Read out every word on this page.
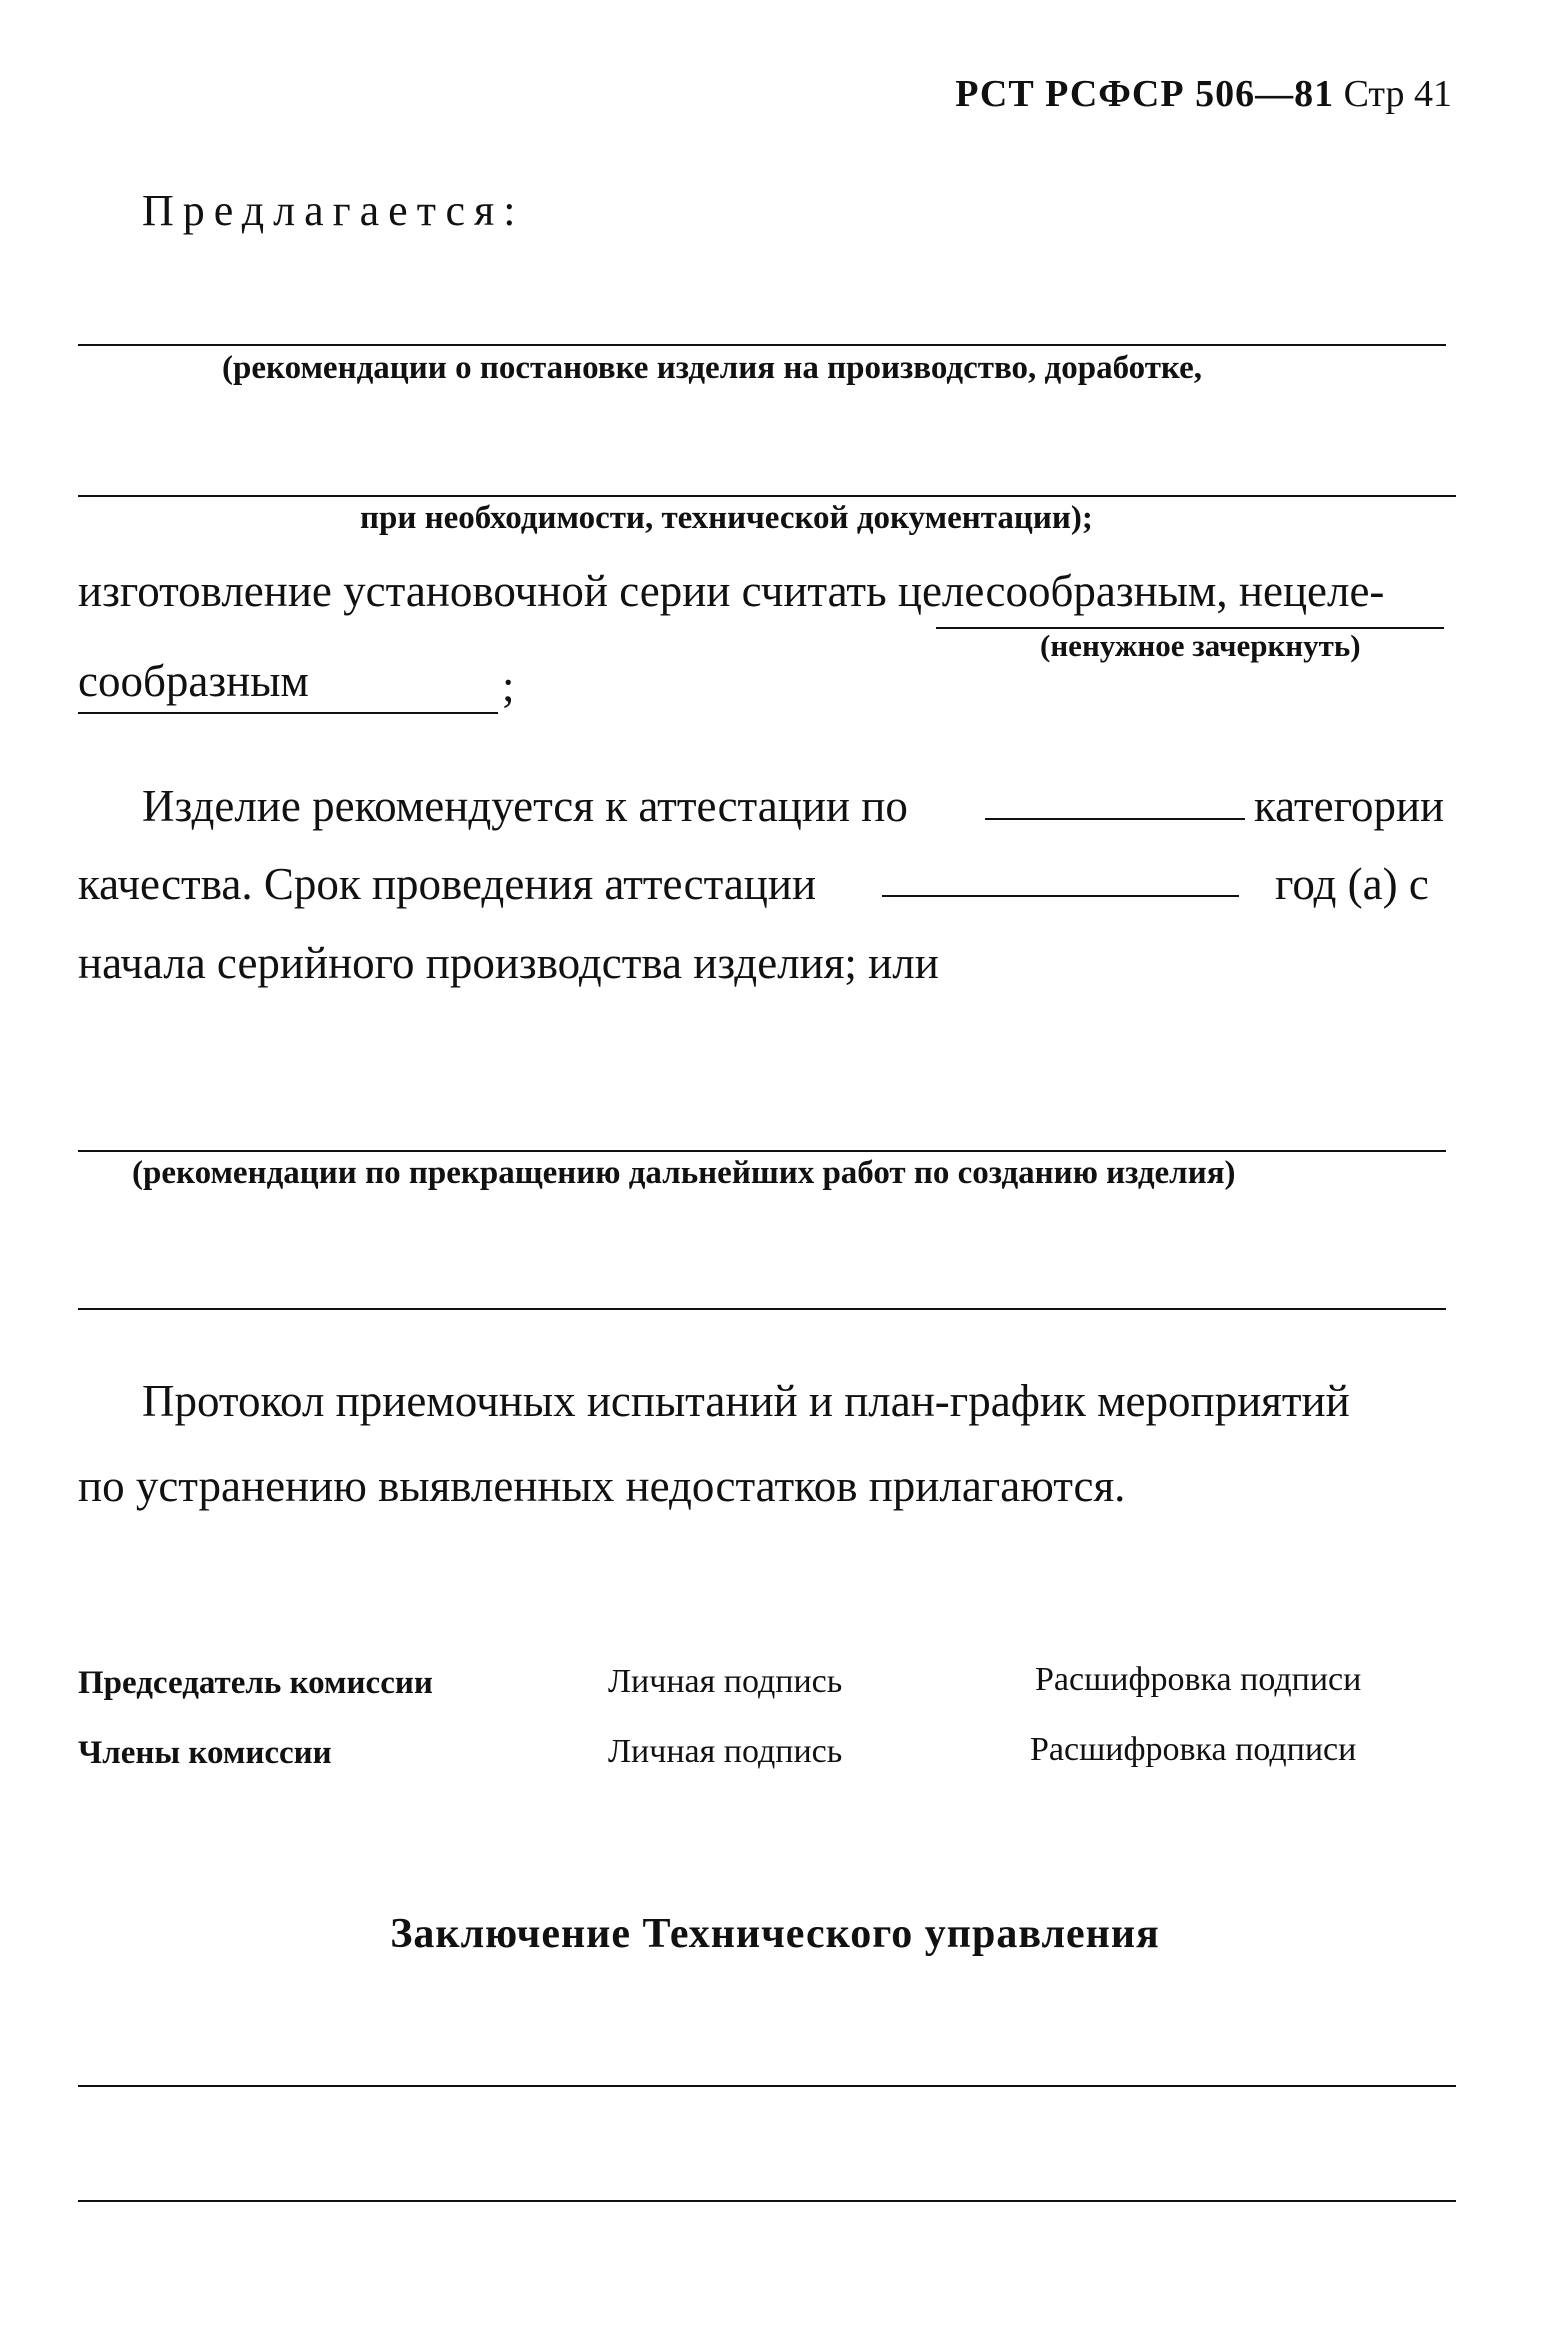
РСТ РСФСР 506—81 Стр 41
Предлагается:
(рекомендации о постановке изделия на производство, доработке,
при необходимости, технической документации);
изготовление установочной серии считать целесообразным, нецеле-
(ненужное зачеркнуть)
сообразным	;
Изделие рекомендуется к аттестации по	категории
качества. Срок проведения аттестации	год (а) с
начала серийного производства изделия; или
(рекомендации по прекращению дальнейших работ по созданию изделия)
Протокол приемочных испытаний и план-график мероприятий
по устранению выявленных недостатков прилагаются.
Председатель комиссии	Личная подпись	Расшифровка подписи
Члены комиссии	Личная подпись	Расшифровка подписи
Заключение Технического управления
